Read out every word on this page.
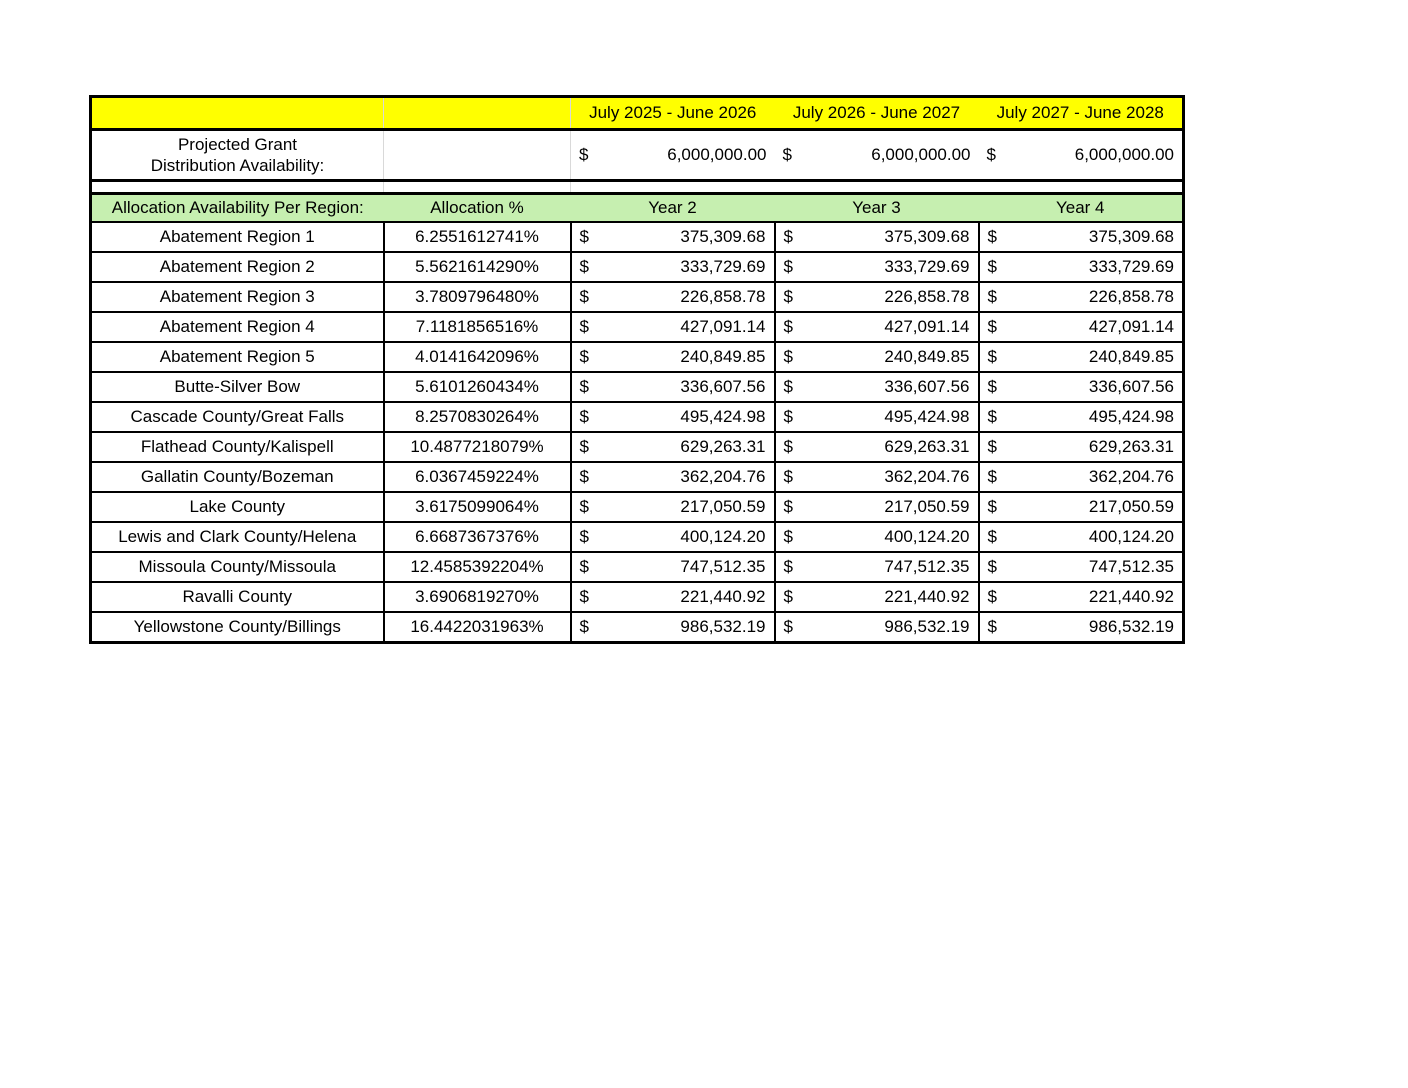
		July 2025 - June 2026	July 2026 - June 2027	July 2027 - June 2028
Projected Grant
Distribution Availability:		$ 6,000,000.00	$ 6,000,000.00	$ 6,000,000.00

Allocation Availability Per Region:	Allocation %	Year 2	Year 3	Year 4
Abatement Region 1	6.2551612741%	$ 375,309.68	$ 375,309.68	$ 375,309.68

Abatement Region 2	5.5621614290%	$ 333,729.69	$ 333,729.69	$ 333,729.69

Abatement Region 3	3.7809796480%	$ 226,858.78	$ 226,858.78	$ 226,858.78

Abatement Region 4	7.1181856516%	$ 427,091.14	$ 427,091.14	$ 427,091.14

Abatement Region 5	4.0141642096%	$ 240,849.85	$ 240,849.85	$ 240,849.85

Butte-Silver Bow	5.6101260434%	$ 336,607.56	$ 336,607.56	$ 336,607.56

Cascade County/Great Falls	8.2570830264%	$ 495,424.98	$ 495,424.98	$ 495,424.98

Flathead County/Kalispell	10.4877218079%	$ 629,263.31	$ 629,263.31	$ 629,263.31

Gallatin County/Bozeman	6.0367459224%	$ 362,204.76	$ 362,204.76	$ 362,204.76

Lake County	3.6175099064%	$ 217,050.59	$ 217,050.59	$ 217,050.59

Lewis and Clark County/Helena	6.6687367376%	$ 400,124.20	$ 400,124.20	$ 400,124.20

Missoula County/Missoula	12.4585392204%	$ 747,512.35	$ 747,512.35	$ 747,512.35

Ravalli County	3.6906819270%	$ 221,440.92	$ 221,440.92	$ 221,440.92

Yellowstone County/Billings	16.4422031963%	$ 986,532.19	$ 986,532.19	$ 986,532.19
